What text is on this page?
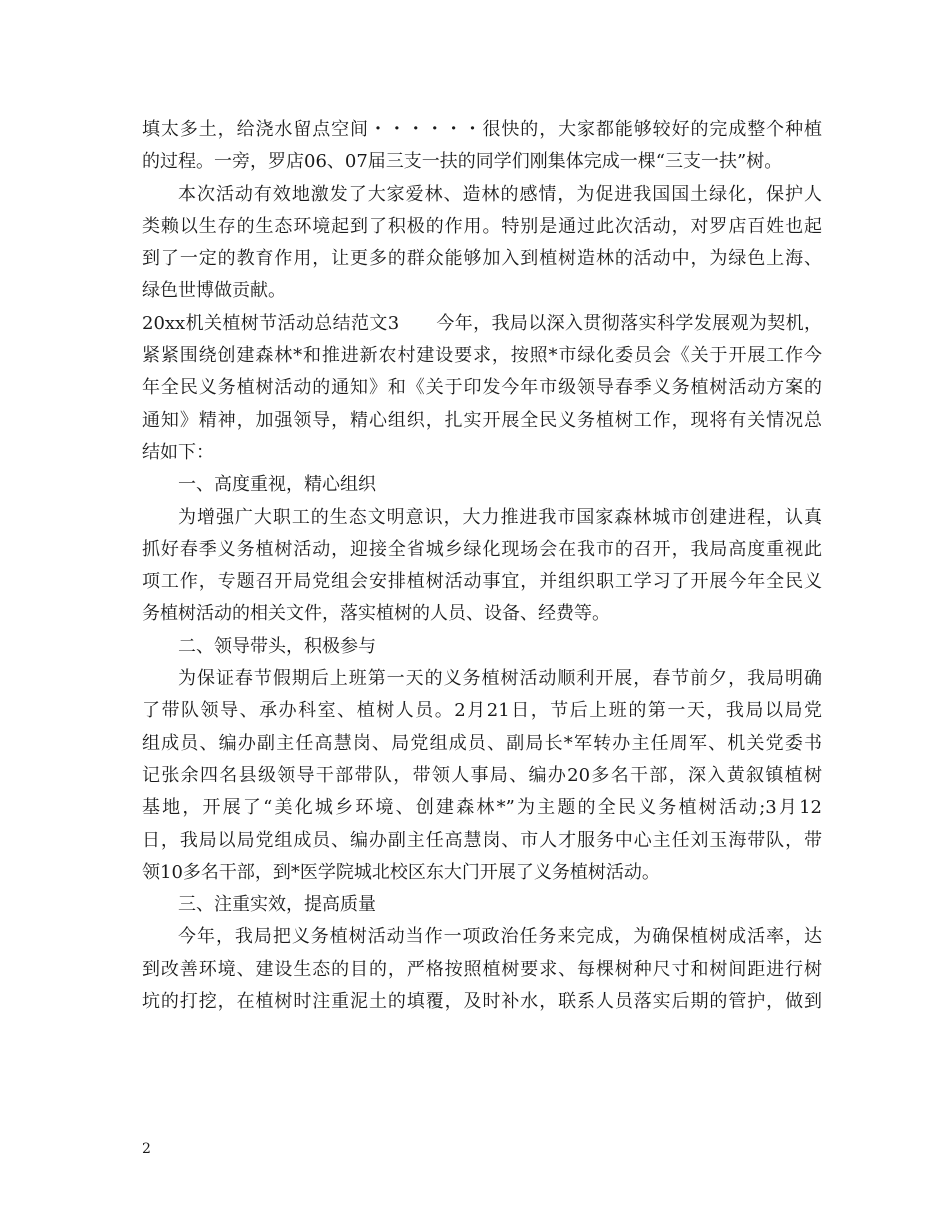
填太多土，给浇水留点空间・・・・・・很快的，大家都能够较好的完成整个种植
的过程。一旁，罗店06、07届三支一扶的同学们刚集体完成一棵“三支一扶”树。
本次活动有效地激发了大家爱林、造林的感情，为促进我国国土绿化，保护人
类赖以生存的生态环境起到了积极的作用。特别是通过此次活动，对罗店百姓也起
到了一定的教育作用，让更多的群众能够加入到植树造林的活动中，为绿色上海、
绿色世博做贡献。
20xx机关植树节活动总结范文3　　今年，我局以深入贯彻落实科学发展观为契机，
紧紧围绕创建森林*和推进新农村建设要求，按照*市绿化委员会《关于开展工作今
年全民义务植树活动的通知》和《关于印发今年市级领导春季义务植树活动方案的
通知》精神，加强领导，精心组织，扎实开展全民义务植树工作，现将有关情况总
结如下：
一、高度重视，精心组织
为增强广大职工的生态文明意识，大力推进我市国家森林城市创建进程，认真
抓好春季义务植树活动，迎接全省城乡绿化现场会在我市的召开，我局高度重视此
项工作，专题召开局党组会安排植树活动事宜，并组织职工学习了开展今年全民义
务植树活动的相关文件，落实植树的人员、设备、经费等。
二、领导带头，积极参与
为保证春节假期后上班第一天的义务植树活动顺利开展，春节前夕，我局明确
了带队领导、承办科室、植树人员。2月21日，节后上班的第一天，我局以局党
组成员、编办副主任高慧岗、局党组成员、副局长*军转办主任周军、机关党委书
记张余四名县级领导干部带队，带领人事局、编办20多名干部，深入黄叙镇植树
基地，开展了“美化城乡环境、创建森林*”为主题的全民义务植树活动;3月12
日，我局以局党组成员、编办副主任高慧岗、市人才服务中心主任刘玉海带队，带
领10多名干部，到*医学院城北校区东大门开展了义务植树活动。
三、注重实效，提高质量
今年，我局把义务植树活动当作一项政治任务来完成，为确保植树成活率，达
到改善环境、建设生态的目的，严格按照植树要求、每棵树种尺寸和树间距进行树
坑的打挖，在植树时注重泥土的填覆，及时补水，联系人员落实后期的管护，做到
2
